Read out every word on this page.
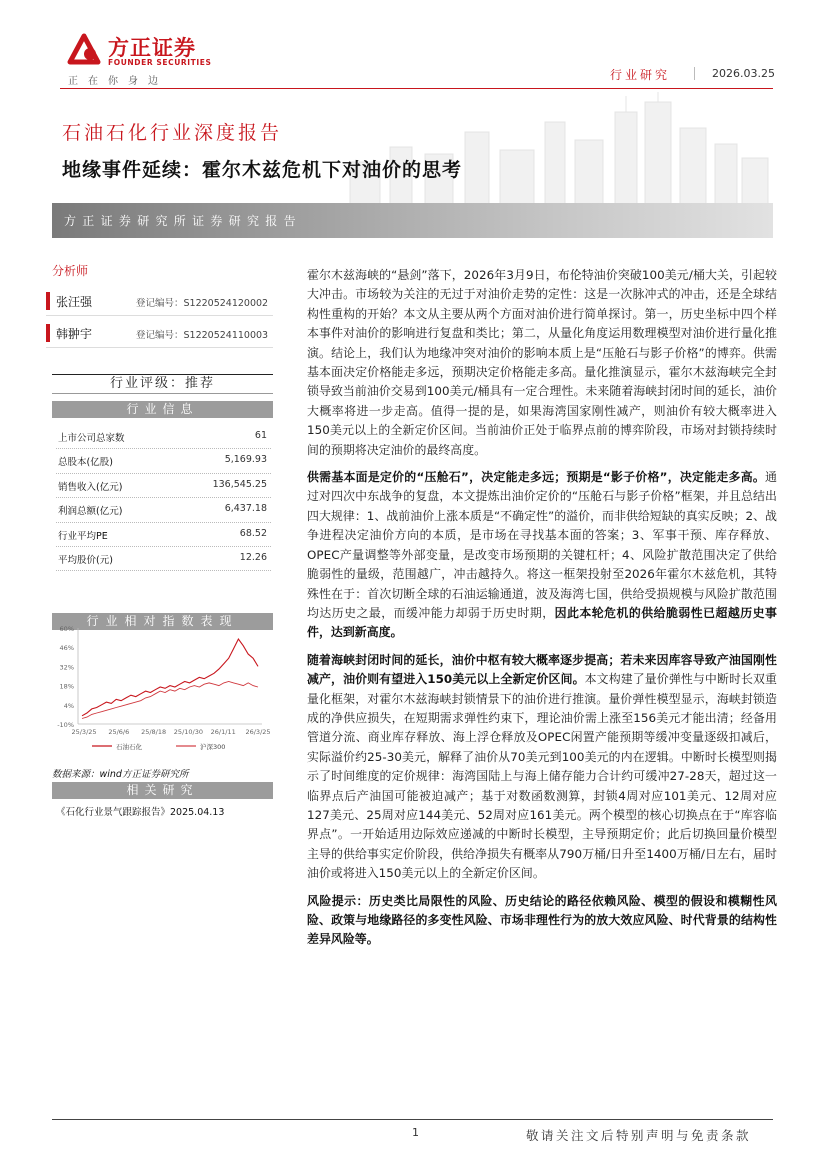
方正证券
FOUNDER SECURITIES
正在你身边	行业研究	2026.03.25
石油石化行业深度报告
地缘事件延续：霍尔木兹危机下对油价的思考
方正证券研究所证券研究报告
分析师
张汪强	登记编号：S1220524120002
韩翀宇	登记编号：S1220524110003
行业评级：推荐
行业信息
上市公司总家数	61
总股本(亿股)	5,169.93
销售收入(亿元)	136,545.25
利润总额(亿元)	6,437.18
行业平均PE	68.52
平均股价(元)	12.26
行业相对指数表现
60%
46%
32%
18%
4%
-10%
25/3/25 25/6/6 25/8/18 25/10/30 26/1/11 26/3/25
石油石化	沪深300
数据来源：wind方正证券研究所
相关研究
《石化行业景气跟踪报告》2025.04.13

霍尔木兹海峡的“悬剑”落下，2026年3月9日，布伦特油价突破100美元/桶大关，引起较大冲击。市场较为关注的无过于对油价走势的定性：这是一次脉冲式的冲击，还是全球结构性重构的开始？本文从主要从两个方面对油价进行简单探讨。第一，历史坐标中四个样本事件对油价的影响进行复盘和类比；第二，从量化角度运用数理模型对油价进行量化推演。结论上，我们认为地缘冲突对油价的影响本质上是“压舱石与影子价格”的博弈。供需基本面决定价格能走多远，预期决定价格能走多高。量化推演显示，霍尔木兹海峡完全封锁导致当前油价交易到100美元/桶具有一定合理性。未来随着海峡封闭时间的延长，油价大概率将进一步走高。值得一提的是，如果海湾国家刚性减产，则油价有较大概率进入150美元以上的全新定价区间。当前油价正处于临界点前的博弈阶段，市场对封锁持续时间的预期将决定油价的最终高度。

供需基本面是定价的“压舱石”，决定能走多远；预期是“影子价格”，决定能走多高。通过对四次中东战争的复盘，本文提炼出油价定价的“压舱石与影子价格”框架，并且总结出四大规律：1、战前油价上涨本质是“不确定性”的溢价，而非供给短缺的真实反映；2、战争进程决定油价方向的本质，是市场在寻找基本面的答案；3、军事干预、库存释放、OPEC产量调整等外部变量，是改变市场预期的关键杠杆；4、风险扩散范围决定了供给脆弱性的量级，范围越广，冲击越持久。将这一框架投射至2026年霍尔木兹危机，其特殊性在于：首次切断全球的石油运输通道，波及海湾七国，供给受损规模与风险扩散范围均达历史之最，而缓冲能力却弱于历史时期，因此本轮危机的供给脆弱性已超越历史事件，达到新高度。

随着海峡封闭时间的延长，油价中枢有较大概率逐步提高；若未来因库容导致产油国刚性减产，油价则有望进入150美元以上全新定价区间。本文构建了量价弹性与中断时长双重量化框架，对霍尔木兹海峡封锁情景下的油价进行推演。量价弹性模型显示，海峡封锁造成的净供应损失，在短期需求弹性约束下，理论油价需上涨至156美元才能出清；经备用管道分流、商业库存释放、海上浮仓释放及OPEC闲置产能预期等缓冲变量逐级扣减后，实际溢价约25-30美元，解释了油价从70美元到100美元的内在逻辑。中断时长模型则揭示了时间维度的定价规律：海湾国陆上与海上储存能力合计约可缓冲27-28天，超过这一临界点后产油国可能被迫减产；基于对数函数测算，封锁4周对应101美元、12周对应127美元、25周对应144美元、52周对应161美元。两个模型的核心切换点在于“库容临界点”。一开始适用边际效应递减的中断时长模型，主导预期定价；此后切换回量价模型主导的供给事实定价阶段，供给净损失有概率从790万桶/日升至1400万桶/日左右，届时油价或将进入150美元以上的全新定价区间。

风险提示：历史类比局限性的风险、历史结论的路径依赖风险、模型的假设和模糊性风险、政策与地缘路径的多变性风险、市场非理性行为的放大效应风险、时代背景的结构性差异风险等。

1	敬请关注文后特别声明与免责条款
